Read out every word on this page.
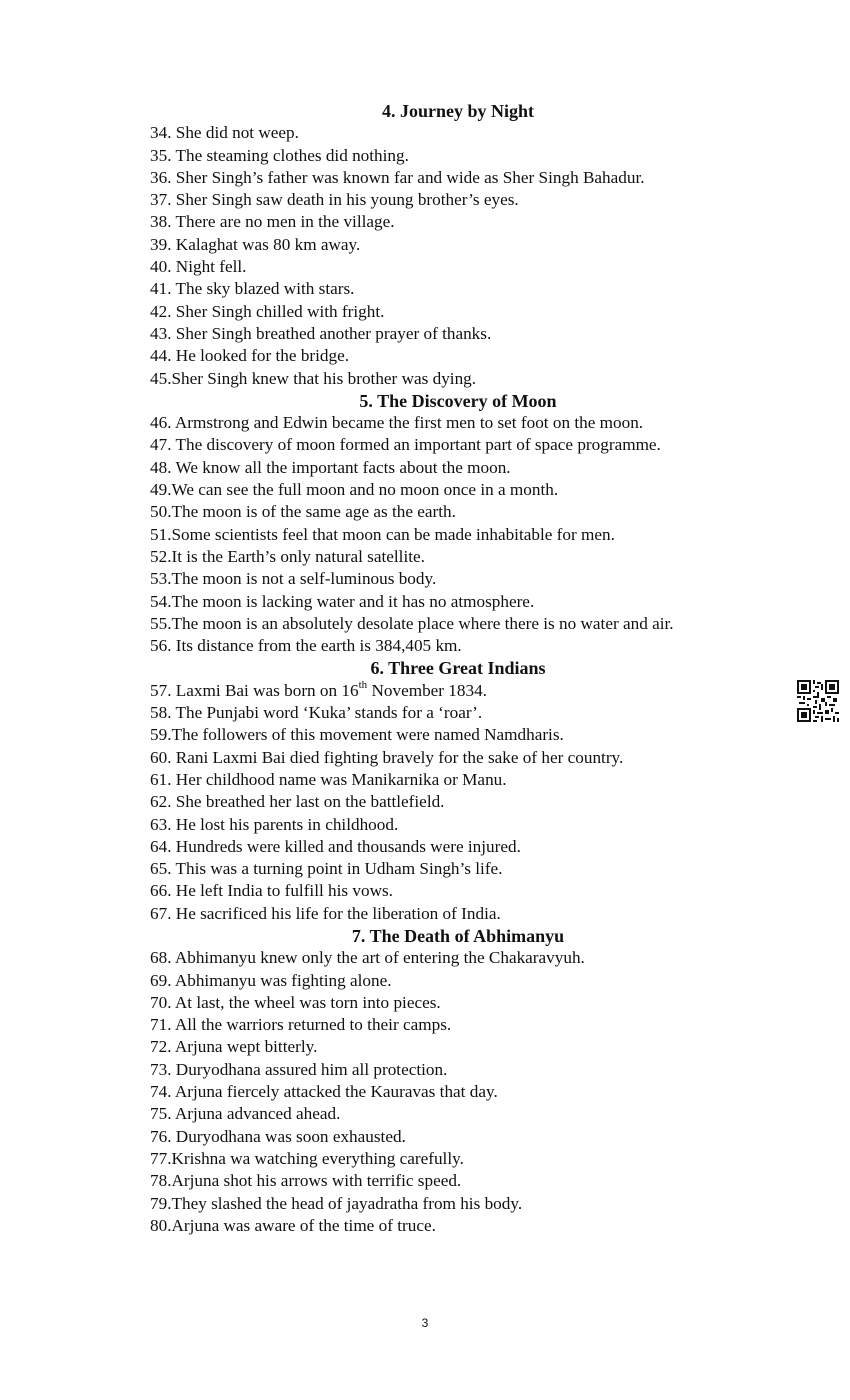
4. Journey by Night
34. She did not weep.
35. The steaming clothes did nothing.
36. Sher Singh’s father was known far and wide as Sher Singh Bahadur.
37. Sher Singh saw death in his young brother’s eyes.
38. There are no men in the village.
39. Kalaghat was 80 km away.
40. Night fell.
41. The sky blazed with stars.
42. Sher Singh chilled with fright.
43. Sher Singh breathed another prayer of thanks.
44. He looked for the bridge.
45.Sher Singh knew that his brother was dying.
5. The Discovery of Moon
46. Armstrong and Edwin became the first men to set foot on the moon.
47. The discovery of moon formed an important part of space programme.
48. We know all the important facts about the moon.
49.We can see the full moon and no moon once in a month.
50.The moon is of the same age as the earth.
51.Some scientists feel that moon can be made inhabitable for men.
52.It is the Earth’s only natural satellite.
53.The moon is not a self-luminous body.
54.The moon is lacking water and it has no atmosphere.
55.The moon is an absolutely desolate place where there is no water and air.
56. Its distance from the earth is 384,405 km.
6. Three Great Indians
57. Laxmi Bai was born on 16th November 1834.
58. The Punjabi word ‘Kuka’ stands for a ‘roar’.
59.The followers of this movement were named Namdharis.
60. Rani Laxmi Bai died fighting bravely for the sake of her country.
61. Her childhood name was Manikarnika or Manu.
62. She breathed her last on the battlefield.
63. He lost his parents in childhood.
64. Hundreds were killed and thousands were injured.
65. This was a turning point in Udham Singh’s life.
66. He left India to fulfill his vows.
67. He sacrificed his life for the liberation of India.
7. The Death of Abhimanyu
68. Abhimanyu knew only the art of entering the Chakaravyuh.
69. Abhimanyu was fighting alone.
70. At last, the wheel was torn into pieces.
71. All the warriors returned to their camps.
72. Arjuna wept bitterly.
73. Duryodhana assured him all protection.
74. Arjuna fiercely attacked the Kauravas that day.
75. Arjuna advanced ahead.
76. Duryodhana was soon exhausted.
77.Krishna wa watching everything carefully.
78.Arjuna shot his arrows with terrific speed.
79.They slashed the head of jayadratha from his body.
80.Arjuna was aware of the time of truce.
3
